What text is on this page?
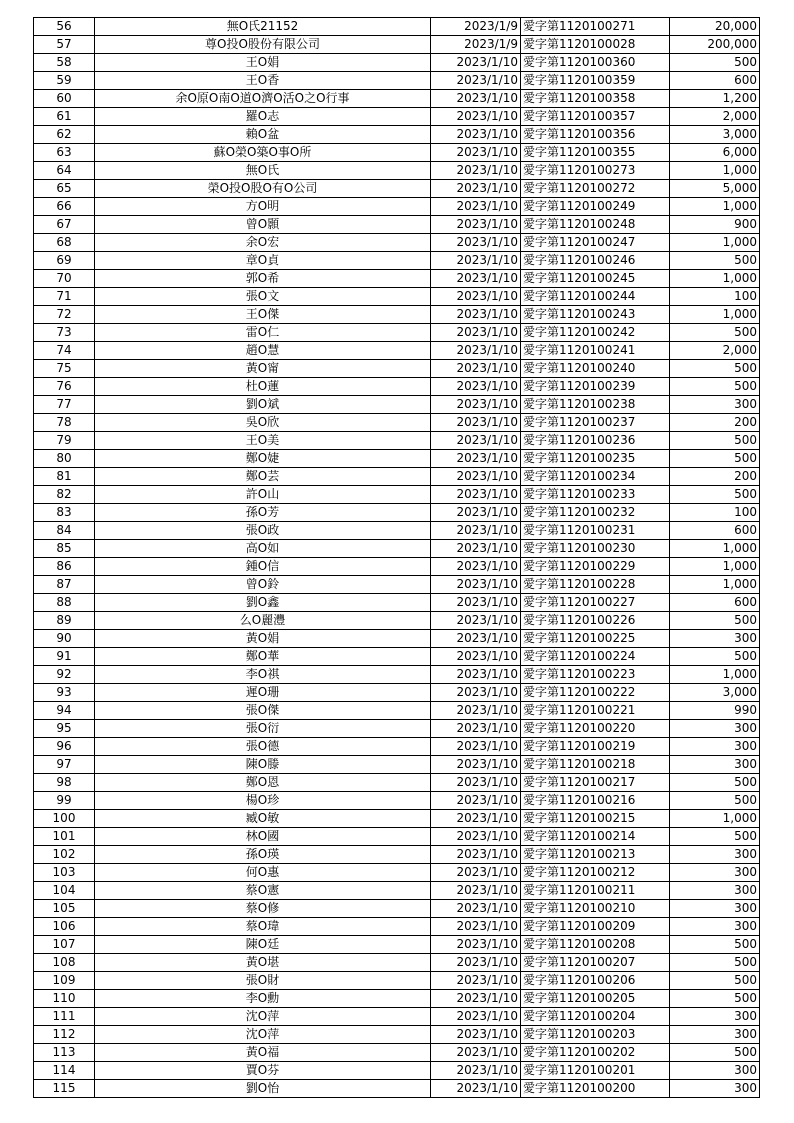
56	無O氏21152	2023/1/9	愛字第1120100271	20,000
57	尊O投O股份有限公司	2023/1/9	愛字第1120100028	200,000
58	王O娟	2023/1/10	愛字第1120100360	500
59	王O香	2023/1/10	愛字第1120100359	600
60	余O原O南O道O濟O活O之O行事	2023/1/10	愛字第1120100358	1,200
61	羅O志	2023/1/10	愛字第1120100357	2,000
62	賴O盆	2023/1/10	愛字第1120100356	3,000
63	蘇O榮O築O事O所	2023/1/10	愛字第1120100355	6,000
64	無O氏	2023/1/10	愛字第1120100273	1,000
65	榮O投O股O有O公司	2023/1/10	愛字第1120100272	5,000
66	方O明	2023/1/10	愛字第1120100249	1,000
67	曾O顥	2023/1/10	愛字第1120100248	900
68	余O宏	2023/1/10	愛字第1120100247	1,000
69	章O貞	2023/1/10	愛字第1120100246	500
70	郭O希	2023/1/10	愛字第1120100245	1,000
71	張O文	2023/1/10	愛字第1120100244	100
72	王O傑	2023/1/10	愛字第1120100243	1,000
73	雷O仁	2023/1/10	愛字第1120100242	500
74	趙O慧	2023/1/10	愛字第1120100241	2,000
75	黃O甯	2023/1/10	愛字第1120100240	500
76	杜O蓮	2023/1/10	愛字第1120100239	500
77	劉O斌	2023/1/10	愛字第1120100238	300
78	吳O欣	2023/1/10	愛字第1120100237	200
79	王O美	2023/1/10	愛字第1120100236	500
80	鄭O婕	2023/1/10	愛字第1120100235	500
81	鄭O芸	2023/1/10	愛字第1120100234	200
82	許O山	2023/1/10	愛字第1120100233	500
83	孫O芳	2023/1/10	愛字第1120100232	100
84	張O政	2023/1/10	愛字第1120100231	600
85	高O如	2023/1/10	愛字第1120100230	1,000
86	鍾O信	2023/1/10	愛字第1120100229	1,000
87	曾O鈴	2023/1/10	愛字第1120100228	1,000
88	劉O鑫	2023/1/10	愛字第1120100227	600
89	么O麗灃	2023/1/10	愛字第1120100226	500
90	黃O娟	2023/1/10	愛字第1120100225	300
91	鄭O華	2023/1/10	愛字第1120100224	500
92	李O祺	2023/1/10	愛字第1120100223	1,000
93	遲O珊	2023/1/10	愛字第1120100222	3,000
94	張O傑	2023/1/10	愛字第1120100221	990
95	張O衍	2023/1/10	愛字第1120100220	300
96	張O德	2023/1/10	愛字第1120100219	300
97	陳O滕	2023/1/10	愛字第1120100218	300
98	鄭O恩	2023/1/10	愛字第1120100217	500
99	楊O珍	2023/1/10	愛字第1120100216	500
100	臧O敏	2023/1/10	愛字第1120100215	1,000
101	林O國	2023/1/10	愛字第1120100214	500
102	孫O瑛	2023/1/10	愛字第1120100213	300
103	何O惠	2023/1/10	愛字第1120100212	300
104	蔡O憲	2023/1/10	愛字第1120100211	300
105	蔡O修	2023/1/10	愛字第1120100210	300
106	蔡O瑋	2023/1/10	愛字第1120100209	300
107	陳O廷	2023/1/10	愛字第1120100208	500
108	黃O堪	2023/1/10	愛字第1120100207	500
109	張O財	2023/1/10	愛字第1120100206	500
110	李O勳	2023/1/10	愛字第1120100205	500
111	沈O萍	2023/1/10	愛字第1120100204	300
112	沈O萍	2023/1/10	愛字第1120100203	300
113	黃O福	2023/1/10	愛字第1120100202	500
114	賈O芬	2023/1/10	愛字第1120100201	300
115	劉O怡	2023/1/10	愛字第1120100200	300
